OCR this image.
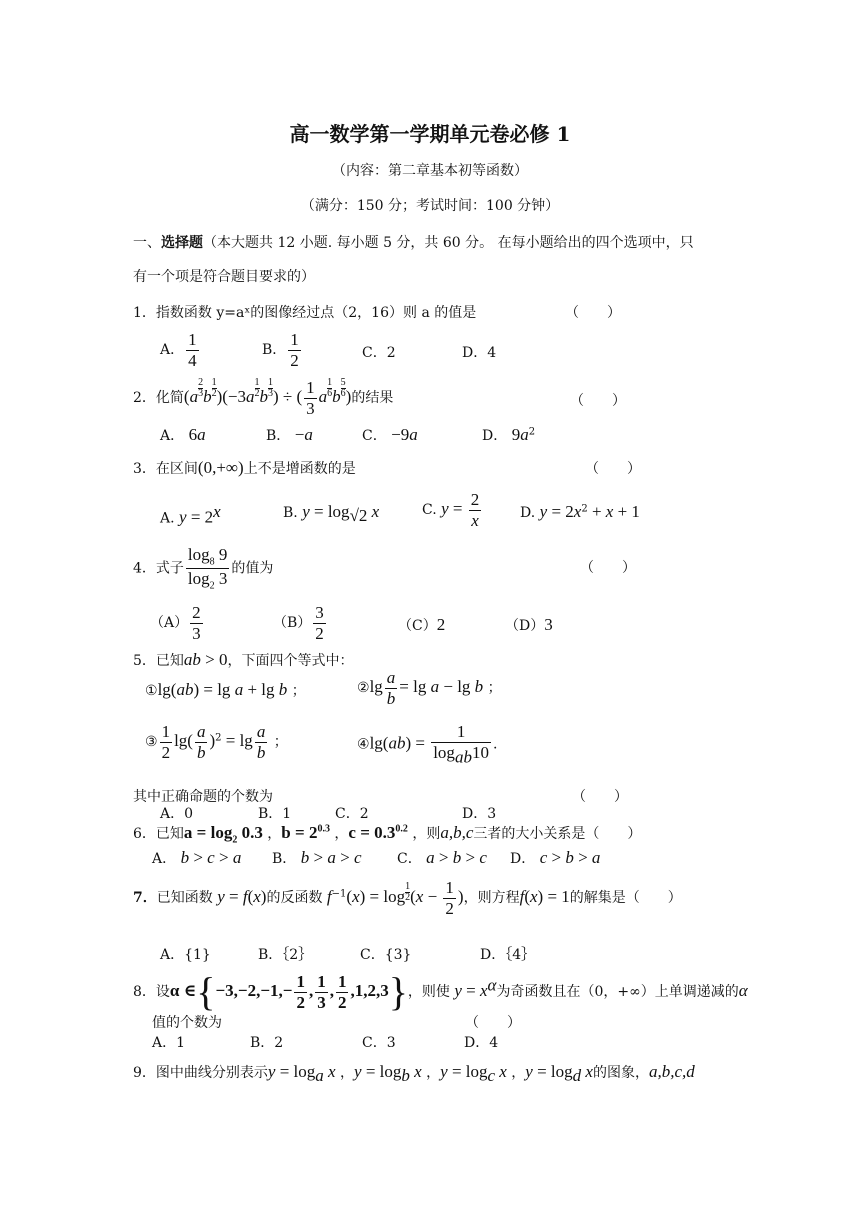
高一数学第一学期单元卷必修 1
（内容：第二章基本初等函数）
（满分：150 分；考试时间：100 分钟）
一、选择题（本大题共 12 小题. 每小题 5 分，共 60 分。 在每小题给出的四个选项中，只
有一个项是符合题目要求的）
1．指数函数 y=aˣ的图像经过点（2，16）则 a 的值是	（　　）
A． $\frac{1}{4}$	B． $\frac{1}{2}$	C．2	D．4
2．化简($a \frac{2}{3}$ b $\frac{1}{2} )(-3a \frac{1}{2}$ b $\frac{1}{3}$ ) ÷ ( $\frac{1}{3}$ a $\frac{1}{6}$ b $\frac{5}{6}$ )的结果	（　　）
A． 6a	B． −a	C． −9a	D． $9a^2$
3．在区间(0,+∞)上不是增函数的是	（　　）
A. $y = 2^x$	B. $y = \log_{√2} x$	C. $y = \frac{2}{x}$	D. $y = 2x^2 + x + 1$
4．式子 $\frac{\log_8 9}{\log_2 3}$ 的值为	（　　）
$(A) \frac{2}{3}$	$(B) \frac{3}{2}$	（C）2	（D）3
5．已知ab > 0，下面四个等式中：
①lg(ab) = lg a + lg b ；	②lg $\frac{a}{b} = \lg a - \lg b$ ；
③ $\frac{1}{2} \lg( \frac{a}{b} )^2 = \lg \frac{a}{b}$ ；	④lg(ab) = $\frac{1}{\log_{ab}10}$ .
其中正确命题的个数为	（　　）
A．0	B．1	C．2	D．3
6．已知$a = \log_2 0.3$ ，$b = 2^{0.3}$ ，$c = 0.3^{0.2}$ ，则a,b,c三者的大小关系是（　　）
A． b > c > a B． b > a > c	C． a > b > c D． c > b > a
7．已知函数 y = f(x)的反函数 $f^{-1}(x) = \log _{\frac{1}{2}}$ ($x - \frac{1}{2}$ )，则方程f(x) = 1的解集是（　　）
A．{1}	B．｛2｝	C．{3}	D．｛4｝
8．设α ∈{−3,−2,−1,− $\frac{1}{2}$ , $\frac{1}{3}$ , $\frac{1}{2} ,1,2,3$}，则使 $y = x^\alpha$为奇函数且在（0，+∞）上单调递减的α
值的个数为	（　　）
A．1	B．2	C．3	D．4
9．图中曲线分别表示$y = \log_a x$ ，$y = \log_b x$ ，$y = \log_c x$ ，$y = \log_d x$的图象，a,b,c,d
